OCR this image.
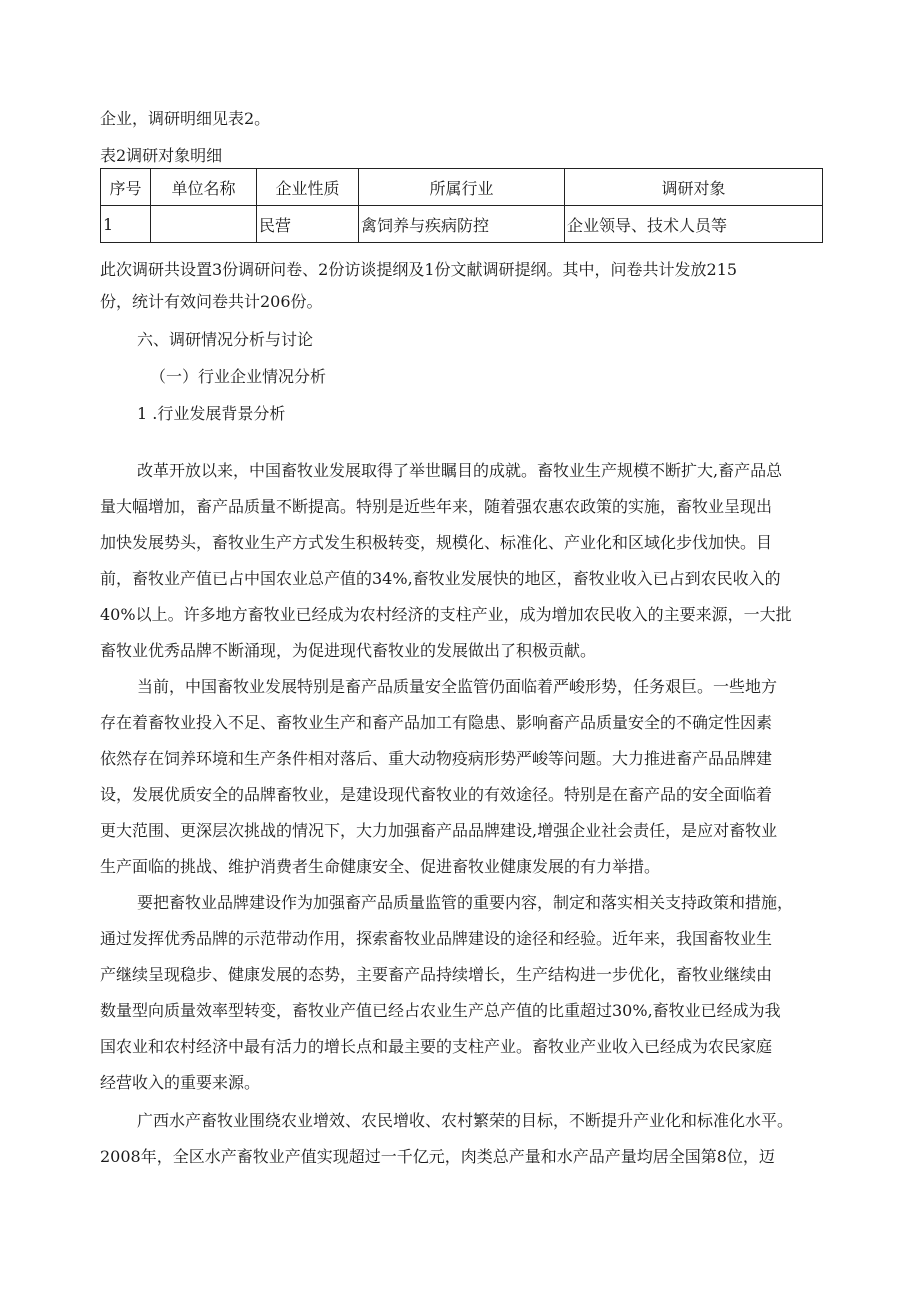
企业，调研明细见表2。
表2调研对象明细
序号	单位名称	企业性质	所属行业	调研对象
1		民营	禽饲养与疾病防控	企业领导、技术人员等
此次调研共设置3份调研问卷、2份访谈提纲及1份文献调研提纲。其中，问卷共计发放215
份，统计有效问卷共计206份。
六、调研情况分析与讨论
（一）行业企业情况分析
1 .行业发展背景分析
改革开放以来，中国畜牧业发展取得了举世瞩目的成就。畜牧业生产规模不断扩大,畜产品总
量大幅增加，畜产品质量不断提高。特别是近些年来，随着强农惠农政策的实施，畜牧业呈现出
加快发展势头，畜牧业生产方式发生积极转变，规模化、标准化、产业化和区域化步伐加快。目
前，畜牧业产值已占中国农业总产值的34%,畜牧业发展快的地区，畜牧业收入已占到农民收入的
40%以上。许多地方畜牧业已经成为农村经济的支柱产业，成为增加农民收入的主要来源，一大批
畜牧业优秀品牌不断涌现，为促进现代畜牧业的发展做出了积极贡献。
当前，中国畜牧业发展特别是畜产品质量安全监管仍面临着严峻形势，任务艰巨。一些地方
存在着畜牧业投入不足、畜牧业生产和畜产品加工有隐患、影响畜产品质量安全的不确定性因素
依然存在饲养环境和生产条件相对落后、重大动物疫病形势严峻等问题。大力推进畜产品品牌建
设，发展优质安全的品牌畜牧业，是建设现代畜牧业的有效途径。特别是在畜产品的安全面临着
更大范围、更深层次挑战的情况下，大力加强畜产品品牌建设,增强企业社会责任，是应对畜牧业
生产面临的挑战、维护消费者生命健康安全、促进畜牧业健康发展的有力举措。
要把畜牧业品牌建设作为加强畜产品质量监管的重要内容，制定和落实相关支持政策和措施，
通过发挥优秀品牌的示范带动作用，探索畜牧业品牌建设的途径和经验。近年来，我国畜牧业生
产继续呈现稳步、健康发展的态势，主要畜产品持续增长，生产结构进一步优化，畜牧业继续由
数量型向质量效率型转变，畜牧业产值已经占农业生产总产值的比重超过30%,畜牧业已经成为我
国农业和农村经济中最有活力的增长点和最主要的支柱产业。畜牧业产业收入已经成为农民家庭
经营收入的重要来源。
广西水产畜牧业围绕农业增效、农民增收、农村繁荣的目标，不断提升产业化和标准化水平。
2008年，全区水产畜牧业产值实现超过一千亿元，肉类总产量和水产品产量均居全国第8位，迈
